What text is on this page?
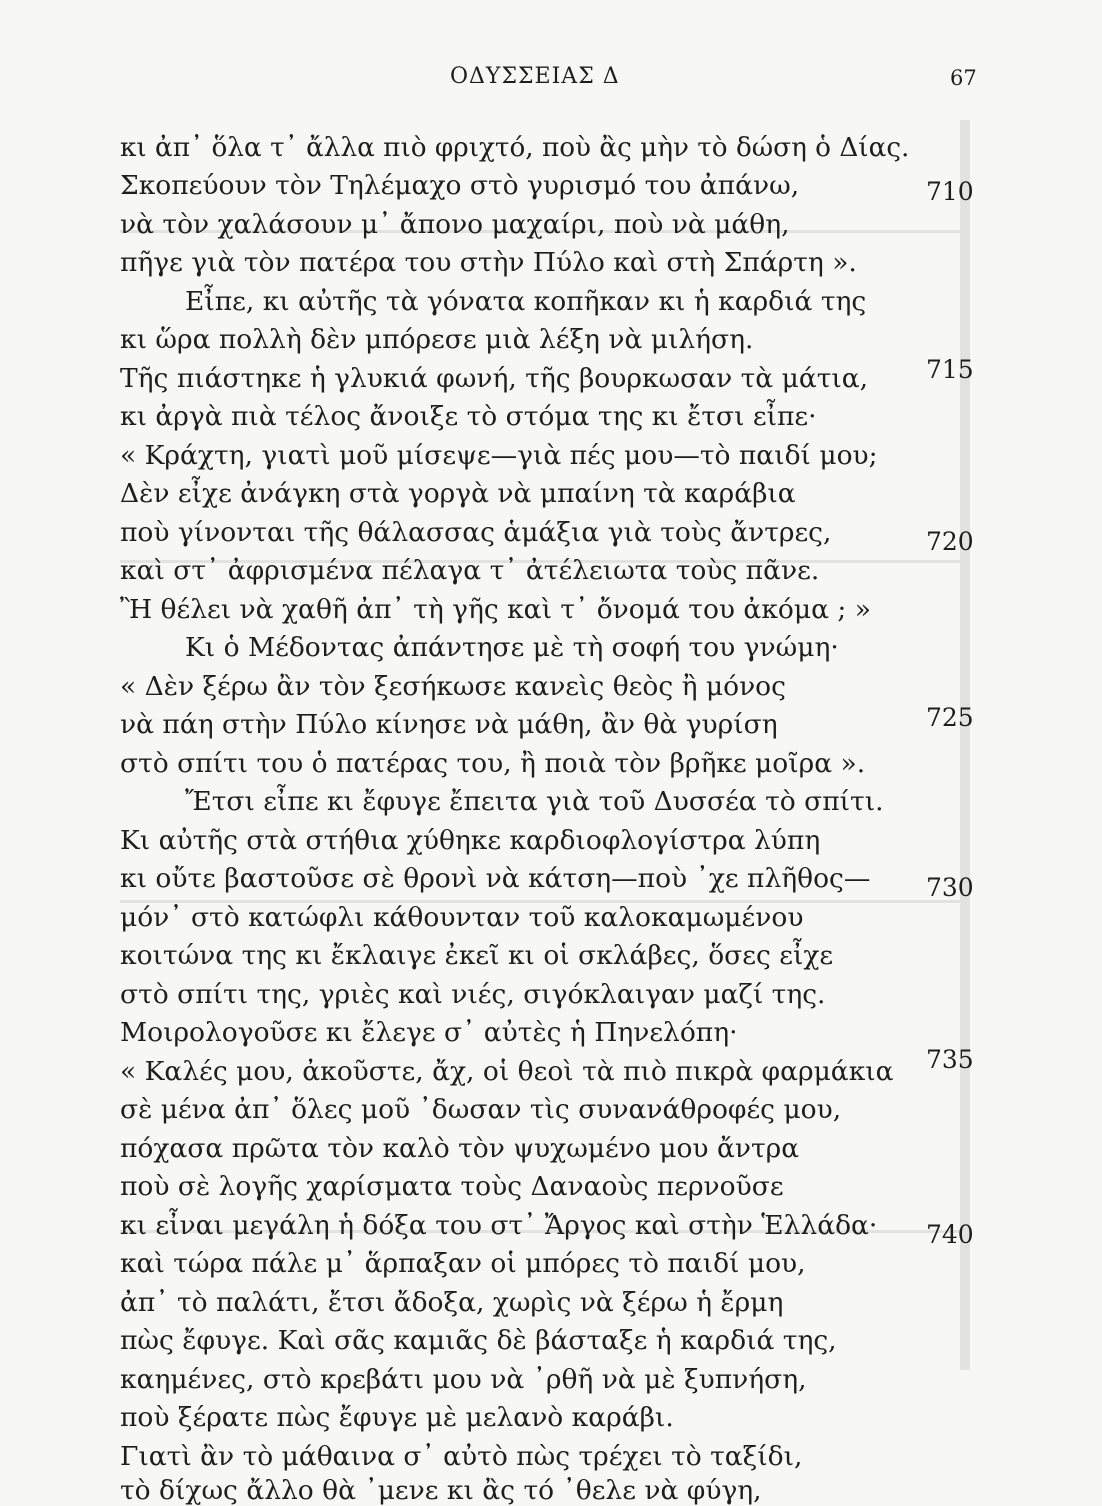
ΟΔΥΣΣΕΙΑΣ Δ	67
κι ἀπ᾽ ὅλα τ᾽ ἄλλα πιὸ φριχτό, ποὺ ἂς μὴν τὸ δώση ὁ Δίας.
Σκοπεύουν τὸν Τηλέμαχο στὸ γυρισμό του ἀπάνω,
νὰ τὸν χαλάσουν μ᾽ ἄπονο μαχαίρι, ποὺ νὰ μάθη,
πῆγε γιὰ τὸν πατέρα του στὴν Πύλο καὶ στὴ Σπάρτη ».
Εἶπε, κι αὐτῆς τὰ γόνατα κοπῆκαν κι ἡ καρδιά της
κι ὥρα πολλὴ δὲν μπόρεσε μιὰ λέξη νὰ μιλήση.
Τῆς πιάστηκε ἡ γλυκιά φωνή, τῆς βουρκωσαν τὰ μάτια,
κι ἀργὰ πιὰ τέλος ἄνοιξε τὸ στόμα της κι ἔτσι εἶπε·
« Κράχτη, γιατὶ μοῦ μίσεψε—γιὰ πές μου—τὸ παιδί μου;
Δὲν εἶχε ἀνάγκη στὰ γοργὰ νὰ μπαίνη τὰ καράβια
ποὺ γίνονται τῆς θάλασσας ἁμάξια γιὰ τοὺς ἄντρες,
καὶ στ᾽ ἀφρισμένα πέλαγα τ᾽ ἀτέλειωτα τοὺς πᾶνε.
Ἢ θέλει νὰ χαθῆ ἀπ᾽ τὴ γῆς καὶ τ᾽ ὄνομά του ἀκόμα ; »
Κι ὁ Μέδοντας ἀπάντησε μὲ τὴ σοφή του γνώμη·
« Δὲν ξέρω ἂν τὸν ξεσήκωσε κανεὶς θεὸς ἢ μόνος
νὰ πάη στὴν Πύλο κίνησε νὰ μάθη, ἂν θὰ γυρίση
στὸ σπίτι του ὁ πατέρας του, ἢ ποιὰ τὸν βρῆκε μοῖρα ».
Ἔτσι εἶπε κι ἔφυγε ἔπειτα γιὰ τοῦ Δυσσέα τὸ σπίτι.
Κι αὐτῆς στὰ στήθια χύθηκε καρδιοφλογίστρα λύπη
κι οὔτε βαστοῦσε σὲ θρονὶ νὰ κάτση—ποὺ ᾽χε πλῆθος—
μόν᾽ στὸ κατώφλι κάθουνταν τοῦ καλοκαμωμένου
κοιτώνα της κι ἔκλαιγε ἐκεῖ κι οἱ σκλάβες, ὅσες εἶχε
στὸ σπίτι της, γριὲς καὶ νιές, σιγόκλαιγαν μαζί της.
Μοιρολογοῦσε κι ἔλεγε σ᾽ αὐτὲς ἡ Πηνελόπη·
« Καλές μου, ἀκοῦστε, ἄχ, οἱ θεοὶ τὰ πιὸ πικρὰ φαρμάκια
σὲ μένα ἀπ᾽ ὅλες μοῦ ᾽δωσαν τὶς συνανάθροφές μου,
πόχασα πρῶτα τὸν καλὸ τὸν ψυχωμένο μου ἄντρα
ποὺ σὲ λογῆς χαρίσματα τοὺς Δαναοὺς περνοῦσε
κι εἶναι μεγάλη ἡ δόξα του στ᾽ Ἄργος καὶ στὴν Ἑλλάδα·
καὶ τώρα πάλε μ᾽ ἅρπαξαν οἱ μπόρες τὸ παιδί μου,
ἀπ᾽ τὸ παλάτι, ἔτσι ἄδοξα, χωρὶς νὰ ξέρω ἡ ἔρμη
πὼς ἔφυγε. Καὶ σᾶς καμιᾶς δὲ βάσταξε ἡ καρδιά της,
καημένες, στὸ κρεβάτι μου νὰ ᾽ρθῆ νὰ μὲ ξυπνήση,
ποὺ ξέρατε πὼς ἔφυγε μὲ μελανὸ καράβι.
Γιατὶ ἂν τὸ μάθαινα σ᾽ αὐτὸ πὼς τρέχει τὸ ταξίδι,
τὸ δίχως ἄλλο θὰ ᾽μενε κι ἂς τό ᾽θελε νὰ φύγη,
710
715
720
725
730
735
740
